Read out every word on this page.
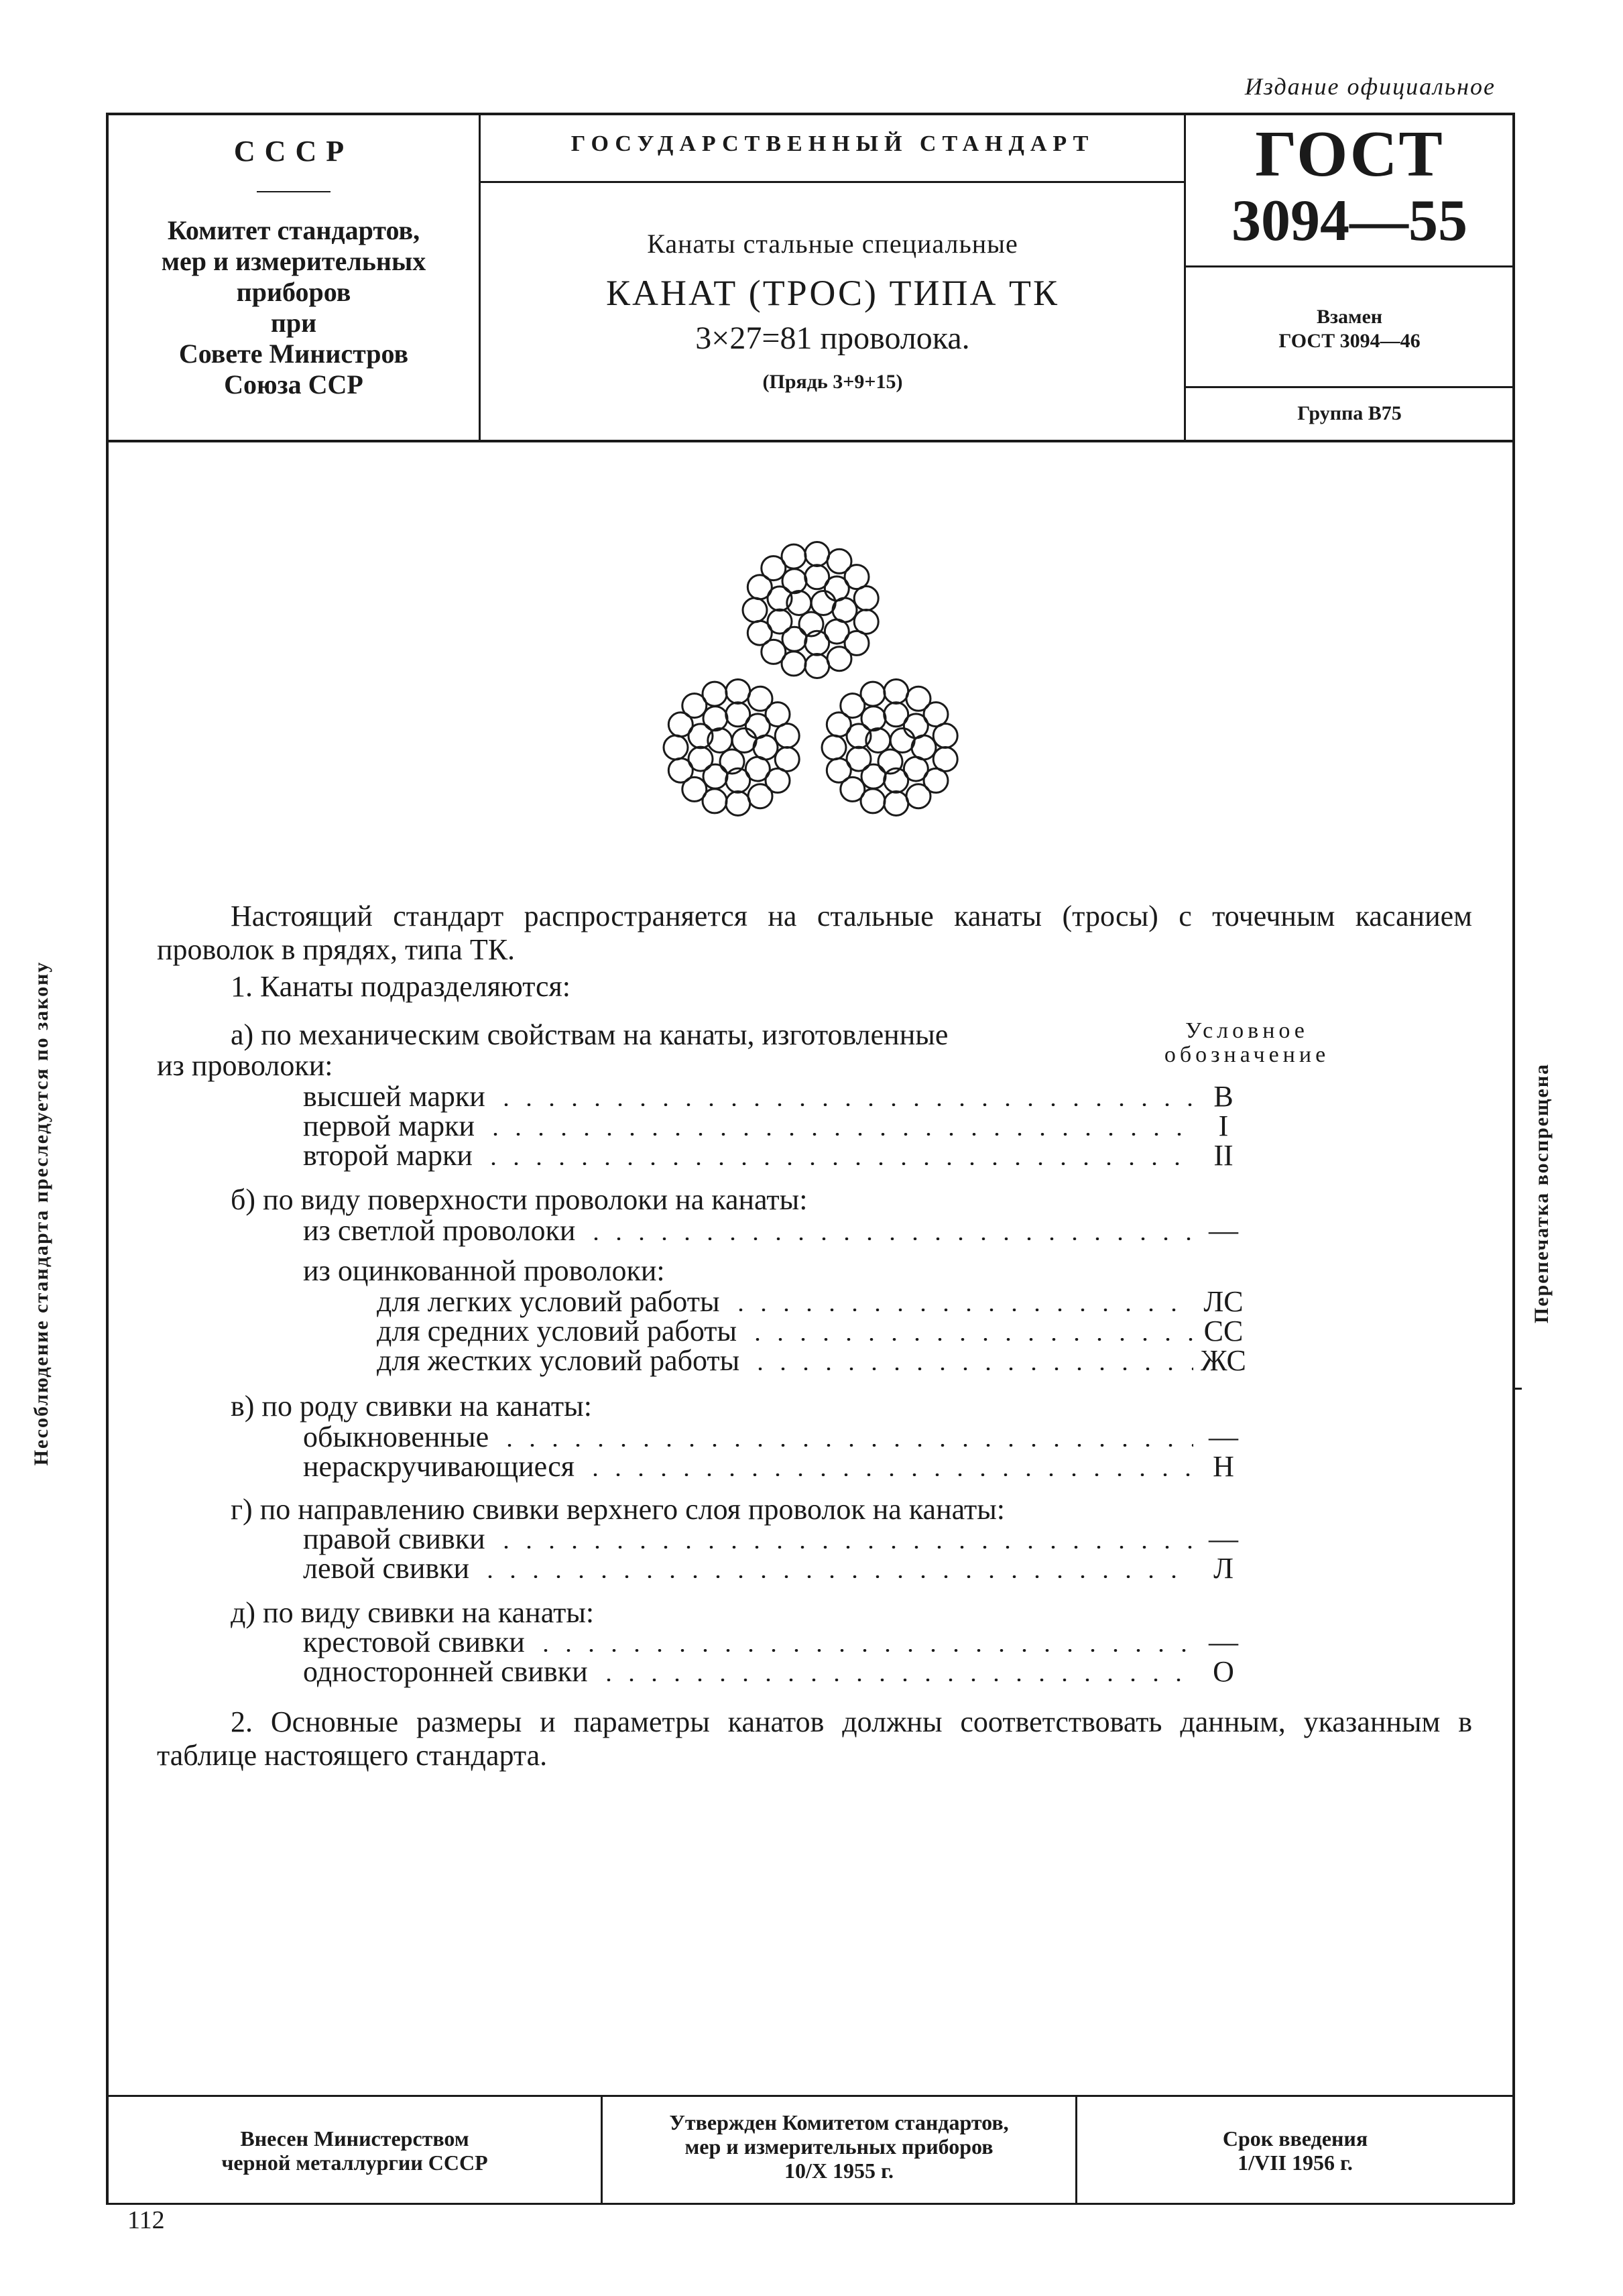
Издание официальное
СССР
Комитет стандартов,
мер и измерительных
приборов
при
Совете Министров
Союза ССР
ГОСУДАРСТВЕННЫЙ СТАНДАРТ
Канаты стальные специальные
КАНАТ (ТРОС) ТИПА ТК
3×27=81 проволока.
(Прядь 3+9+15)
ГОСТ
3094—55
Взамен
ГОСТ 3094—46
Группа В75
Несоблюдение стандарта преследуется по закону	Перепечатка воспрещена
Настоящий стандарт распространяется на стальные канаты (тросы) с точечным касанием проволок в прядях, типа ТК.
1. Канаты подразделяются:
Условное
обозначение
а) по механическим свойствам на канаты, изготовленные
из проволоки:
высшей марки	В
первой марки	I
второй марки	II
б) по виду поверхности проволоки на канаты:
из светлой проволоки	—
из оцинкованной проволоки:
для легких условий работы	ЛС
для средних условий работы	СС
для жестких условий работы	ЖС
в) по роду свивки на канаты:
обыкновенные	—
нераскручивающиеся	Н
г) по направлению свивки верхнего слоя проволок на канаты:
правой свивки	—
левой свивки	Л
д) по виду свивки на канаты:
крестовой свивки	—
односторонней свивки	О
2. Основные размеры и параметры канатов должны соответствовать данным, указанным в таблице настоящего стандарта.
Внесен Министерством
черной металлургии СССР
Утвержден Комитетом стандартов,
мер и измерительных приборов
10/X 1955 г.
Срок введения
1/VII 1956 г.
112
